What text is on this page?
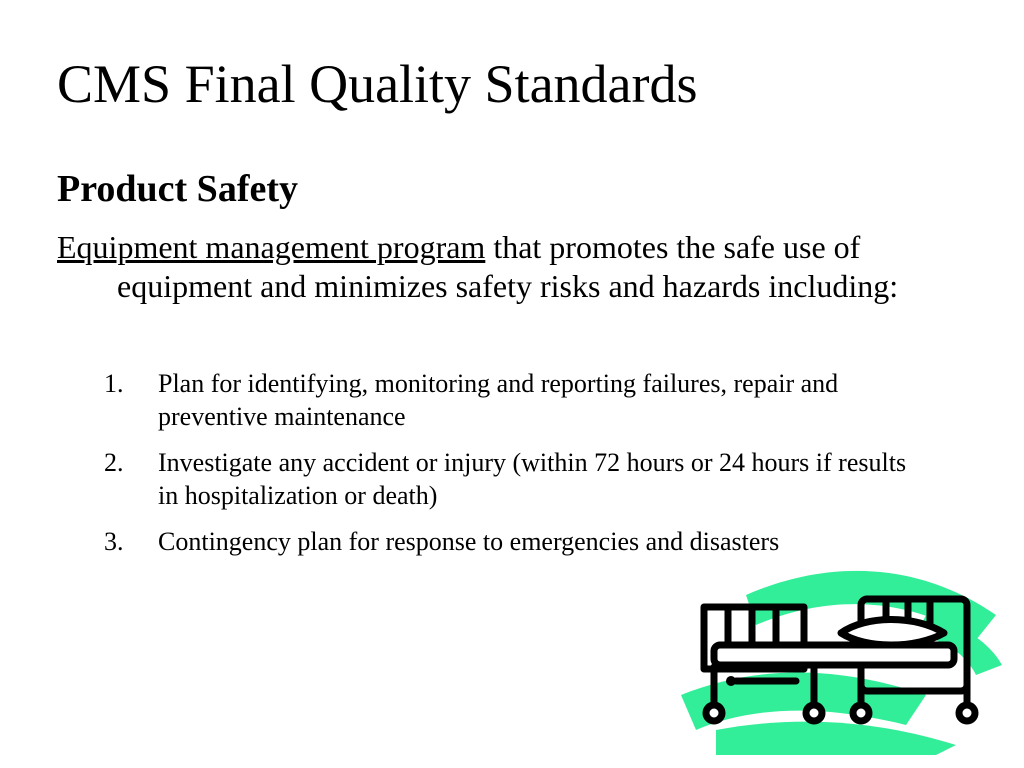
CMS Final Quality Standards
Product Safety
Equipment management program that promotes the safe use of equipment and minimizes safety risks and hazards including:
1. Plan for identifying, monitoring and reporting failures, repair and preventive maintenance
2. Investigate any accident or injury (within 72 hours or 24 hours if results in hospitalization or death)
3. Contingency plan for response to emergencies and disasters
